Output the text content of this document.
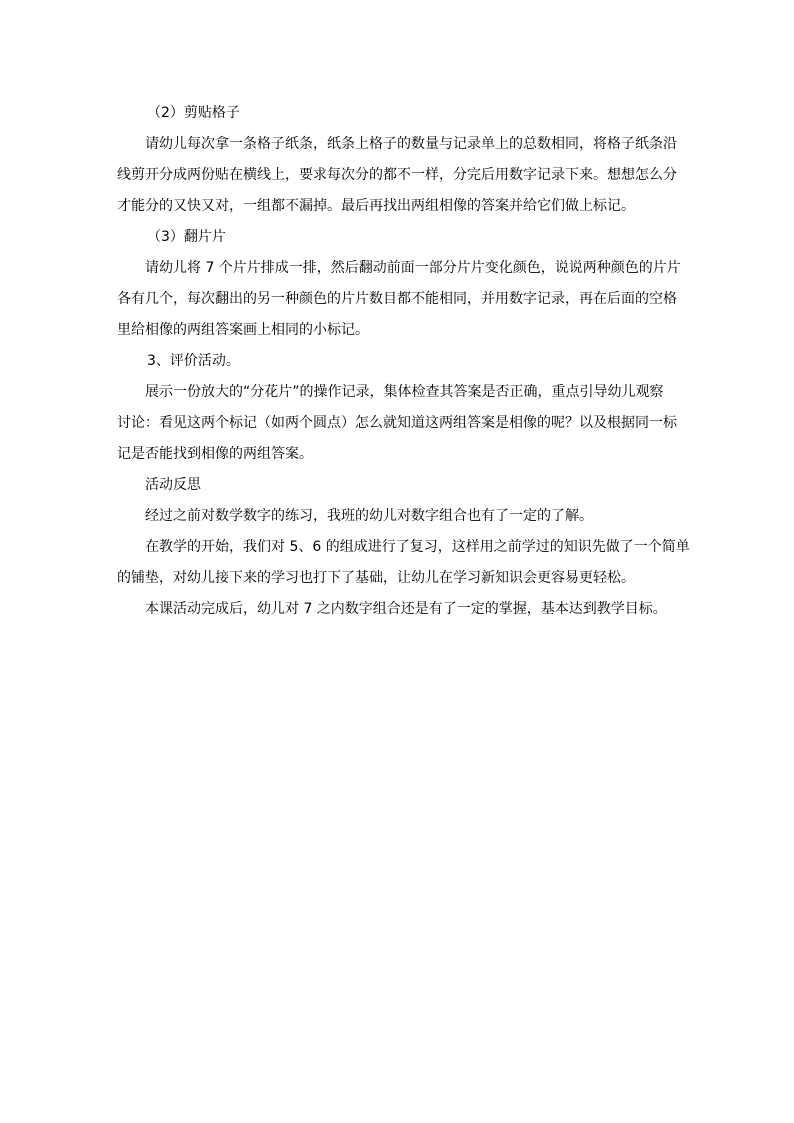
（2）剪贴格子

请幼儿每次拿一条格子纸条，纸条上格子的数量与记录单上的总数相同，将格子纸条沿
线剪开分成两份贴在横线上，要求每次分的都不一样，分完后用数字记录下来。想想怎么分
才能分的又快又对，一组都不漏掉。最后再找出两组相像的答案并给它们做上标记。

（3）翻片片

请幼儿将 7 个片片排成一排，然后翻动前面一部分片片变化颜色，说说两种颜色的片片
各有几个，每次翻出的另一种颜色的片片数目都不能相同，并用数字记录，再在后面的空格
里给相像的两组答案画上相同的小标记。

3、评价活动。

展示一份放大的“分花片”的操作记录，集体检查其答案是否正确，重点引导幼儿观察
讨论：看见这两个标记（如两个圆点）怎么就知道这两组答案是相像的呢？以及根据同一标
记是否能找到相像的两组答案。

活动反思

经过之前对数学数字的练习，我班的幼儿对数字组合也有了一定的了解。
在教学的开始，我们对 5、6 的组成进行了复习，这样用之前学过的知识先做了一个简单
的铺垫，对幼儿接下来的学习也打下了基础，让幼儿在学习新知识会更容易更轻松。
本课活动完成后，幼儿对 7 之内数字组合还是有了一定的掌握，基本达到教学目标。
